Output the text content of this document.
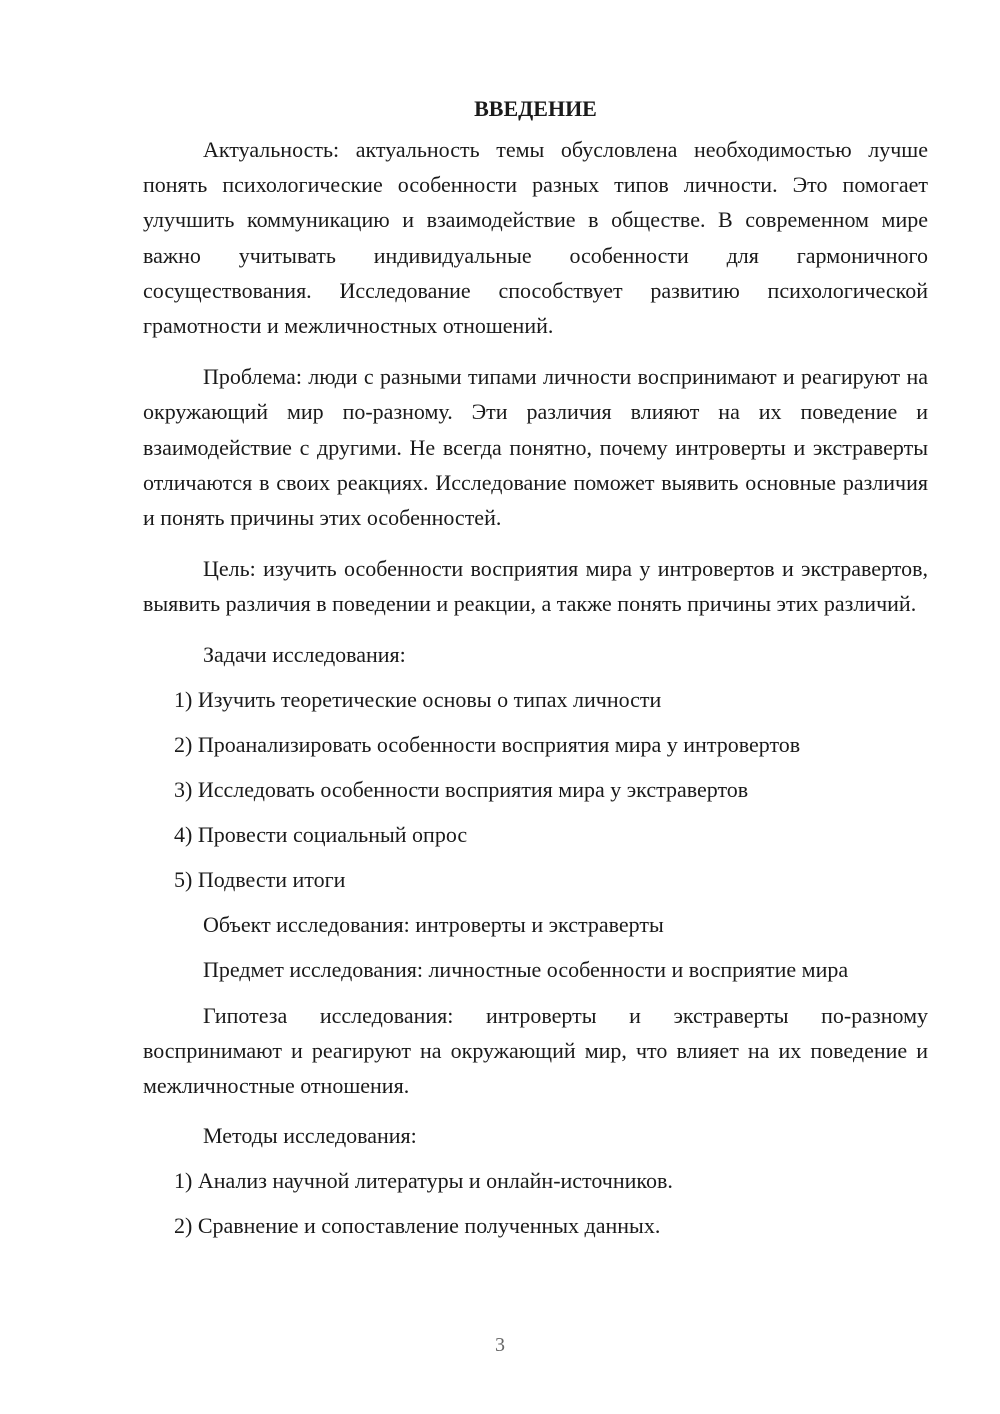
ВВЕДЕНИЕ

Актуальность: актуальность темы обусловлена необходимостью лучше понять психологические особенности разных типов личности. Это помогает улучшить коммуникацию и взаимодействие в обществе. В современном мире важно учитывать индивидуальные особенности для гармоничного сосуществования. Исследование способствует развитию психологической грамотности и межличностных отношений.

Проблема: люди с разными типами личности воспринимают и реагируют на окружающий мир по-разному. Эти различия влияют на их поведение и взаимодействие с другими. Не всегда понятно, почему интроверты и экстраверты отличаются в своих реакциях. Исследование поможет выявить основные различия и понять причины этих особенностей.

Цель: изучить особенности восприятия мира у интровертов и экстравертов, выявить различия в поведении и реакции, а также понять причины этих различий.

Задачи исследования:
1) Изучить теоретические основы о типах личности
2) Проанализировать особенности восприятия мира у интровертов
3) Исследовать особенности восприятия мира у экстравертов
4) Провести социальный опрос
5) Подвести итоги
Объект исследования: интроверты и экстраверты
Предмет исследования: личностные особенности и восприятие мира

Гипотеза исследования: интроверты и экстраверты по-разному воспринимают и реагируют на окружающий мир, что влияет на их поведение и межличностные отношения.

Методы исследования:
1) Анализ научной литературы и онлайн-источников.
2) Сравнение и сопоставление полученных данных.
3
